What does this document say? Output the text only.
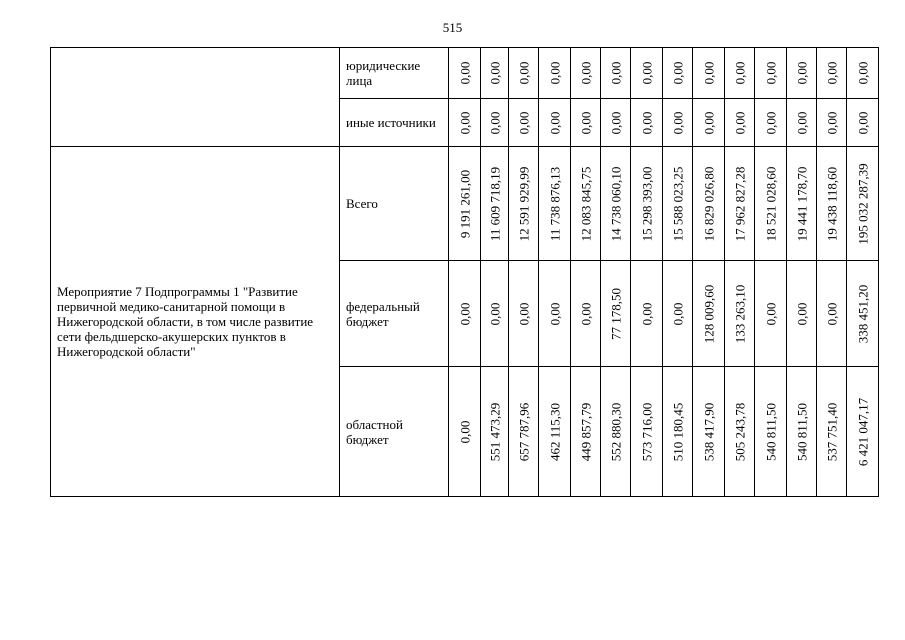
515
	юридические лица	0,00	0,00	0,00	0,00	0,00	0,00	0,00	0,00	0,00	0,00	0,00	0,00	0,00	0,00

	иные источники	0,00	0,00	0,00	0,00	0,00	0,00	0,00	0,00	0,00	0,00	0,00	0,00	0,00	0,00

Мероприятие 7 Подпрограммы 1 "Развитие первичной медико-санитарной помощи в Нижегородской области, в том числе развитие сети фельдшерско-акушерских пунктов в Нижегородской области"	Всего	9 191 261,00	11 609 718,19	12 591 929,99	11 738 876,13	12 083 845,75	14 738 060,10	15 298 393,00	15 588 023,25	16 829 026,80	17 962 827,28	18 521 028,60	19 441 178,70	19 438 118,60	195 032 287,39

	федеральный бюджет	0,00	0,00	0,00	0,00	0,00	77 178,50	0,00	0,00	128 009,60	133 263,10	0,00	0,00	0,00	338 451,20

	областной бюджет	0,00	551 473,29	657 787,96	462 115,30	449 857,79	552 880,30	573 716,00	510 180,45	538 417,90	505 243,78	540 811,50	540 811,50	537 751,40	6 421 047,17
